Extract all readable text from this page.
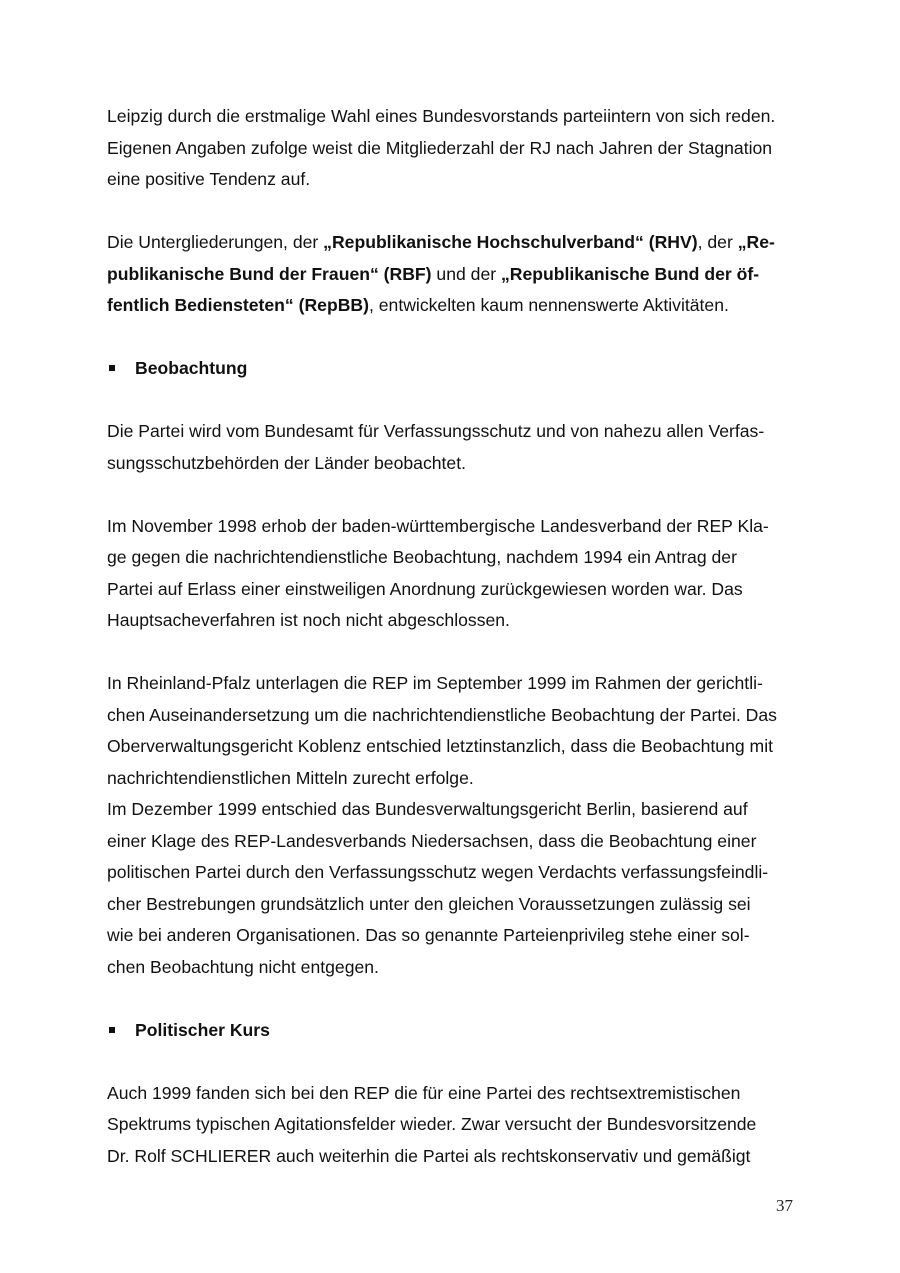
Leipzig durch die erstmalige Wahl eines Bundesvorstands parteiintern von sich reden.
Eigenen Angaben zufolge weist die Mitgliederzahl der RJ nach Jahren der Stagnation
eine positive Tendenz auf.

Die Untergliederungen, der „Republikanische Hochschulverband“ (RHV), der „Re-
publikanische Bund der Frauen“ (RBF) und der „Republikanische Bund der öf-
fentlich Bediensteten“ (RepBB), entwickelten kaum nennenswerte Aktivitäten.

Beobachtung

Die Partei wird vom Bundesamt für Verfassungsschutz und von nahezu allen Verfas-
sungsschutzbehörden der Länder beobachtet.

Im November 1998 erhob der baden-württembergische Landesverband der REP Kla-
ge gegen die nachrichtendienstliche Beobachtung, nachdem 1994 ein Antrag der
Partei auf Erlass einer einstweiligen Anordnung zurückgewiesen worden war. Das
Hauptsacheverfahren ist noch nicht abgeschlossen.

In Rheinland-Pfalz unterlagen die REP im September 1999 im Rahmen der gerichtli-
chen Auseinandersetzung um die nachrichtendienstliche Beobachtung der Partei. Das
Oberverwaltungsgericht Koblenz entschied letztinstanzlich, dass die Beobachtung mit
nachrichtendienstlichen Mitteln zurecht erfolge.
Im Dezember 1999 entschied das Bundesverwaltungsgericht Berlin, basierend auf
einer Klage des REP-Landesverbands Niedersachsen, dass die Beobachtung einer
politischen Partei durch den Verfassungsschutz wegen Verdachts verfassungsfeindli-
cher Bestrebungen grundsätzlich unter den gleichen Voraussetzungen zulässig sei
wie bei anderen Organisationen. Das so genannte Parteienprivileg stehe einer sol-
chen Beobachtung nicht entgegen.

Politischer Kurs

Auch 1999 fanden sich bei den REP die für eine Partei des rechtsextremistischen
Spektrums typischen Agitationsfelder wieder. Zwar versucht der Bundesvorsitzende
Dr. Rolf SCHLIERER auch weiterhin die Partei als rechtskonservativ und gemäßigt

37
